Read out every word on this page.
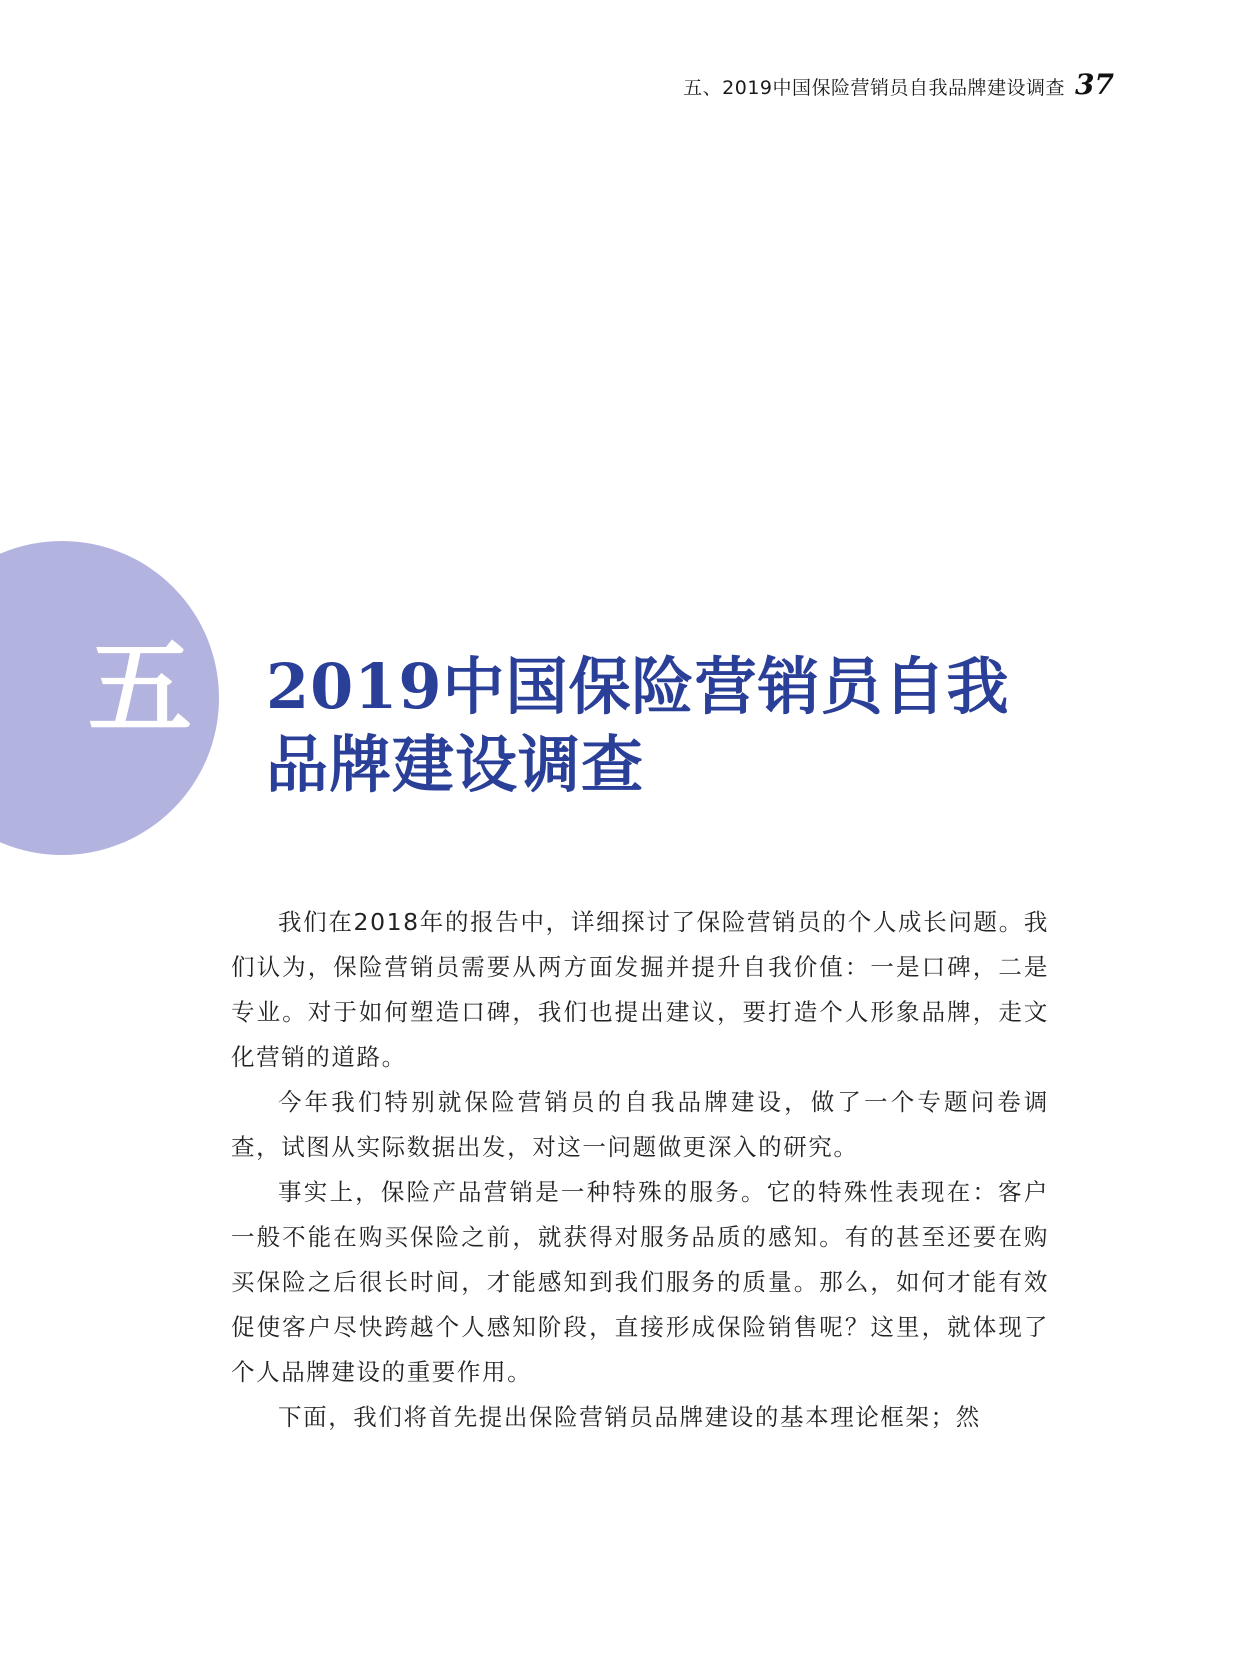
五、2019中国保险营销员自我品牌建设调查 37
五 2019中国保险营销员自我品牌建设调查

我们在2018年的报告中，详细探讨了保险营销员的个人成长问题。我们认为，保险营销员需要从两方面发掘并提升自我价值：一是口碑，二是专业。对于如何塑造口碑，我们也提出建议，要打造个人形象品牌，走文化营销的道路。

今年我们特别就保险营销员的自我品牌建设，做了一个专题问卷调查，试图从实际数据出发，对这一问题做更深入的研究。

事实上，保险产品营销是一种特殊的服务。它的特殊性表现在：客户一般不能在购买保险之前，就获得对服务品质的感知。有的甚至还要在购买保险之后很长时间，才能感知到我们服务的质量。那么，如何才能有效促使客户尽快跨越个人感知阶段，直接形成保险销售呢？这里，就体现了个人品牌建设的重要作用。

下面，我们将首先提出保险营销员品牌建设的基本理论框架；然
